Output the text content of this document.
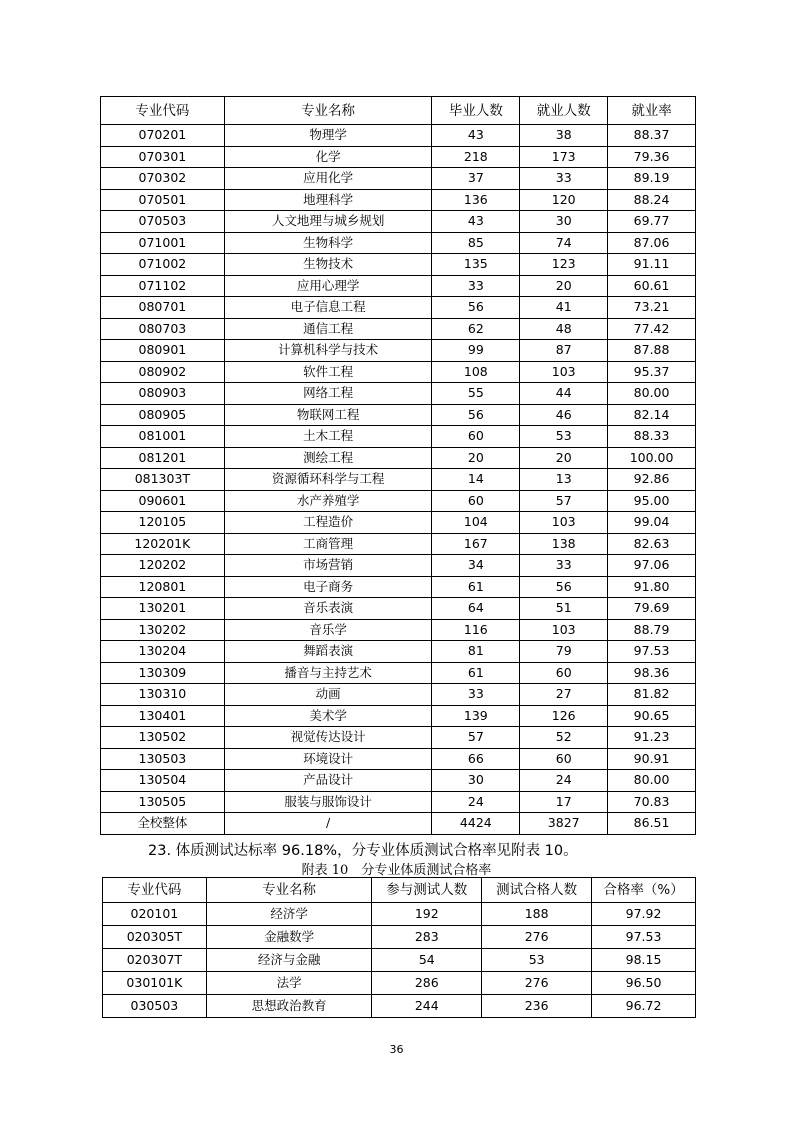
专业代码	专业名称	毕业人数	就业人数	就业率
070201	物理学	43	38	88.37
070301	化学	218	173	79.36
070302	应用化学	37	33	89.19
070501	地理科学	136	120	88.24
070503	人文地理与城乡规划	43	30	69.77
071001	生物科学	85	74	87.06
071002	生物技术	135	123	91.11
071102	应用心理学	33	20	60.61
080701	电子信息工程	56	41	73.21
080703	通信工程	62	48	77.42
080901	计算机科学与技术	99	87	87.88
080902	软件工程	108	103	95.37
080903	网络工程	55	44	80.00
080905	物联网工程	56	46	82.14
081001	土木工程	60	53	88.33
081201	测绘工程	20	20	100.00
081303T	资源循环科学与工程	14	13	92.86
090601	水产养殖学	60	57	95.00
120105	工程造价	104	103	99.04
120201K	工商管理	167	138	82.63
120202	市场营销	34	33	97.06
120801	电子商务	61	56	91.80
130201	音乐表演	64	51	79.69
130202	音乐学	116	103	88.79
130204	舞蹈表演	81	79	97.53
130309	播音与主持艺术	61	60	98.36
130310	动画	33	27	81.82
130401	美术学	139	126	90.65
130502	视觉传达设计	57	52	91.23
130503	环境设计	66	60	90.91
130504	产品设计	30	24	80.00
130505	服装与服饰设计	24	17	70.83
全校整体	/	4424	3827	86.51
23. 体质测试达标率 96.18%，分专业体质测试合格率见附表 10。
附表 10　分专业体质测试合格率
专业代码	专业名称	参与测试人数	测试合格人数	合格率（%）
020101	经济学	192	188	97.92
020305T	金融数学	283	276	97.53
020307T	经济与金融	54	53	98.15
030101K	法学	286	276	96.50
030503	思想政治教育	244	236	96.72
36
